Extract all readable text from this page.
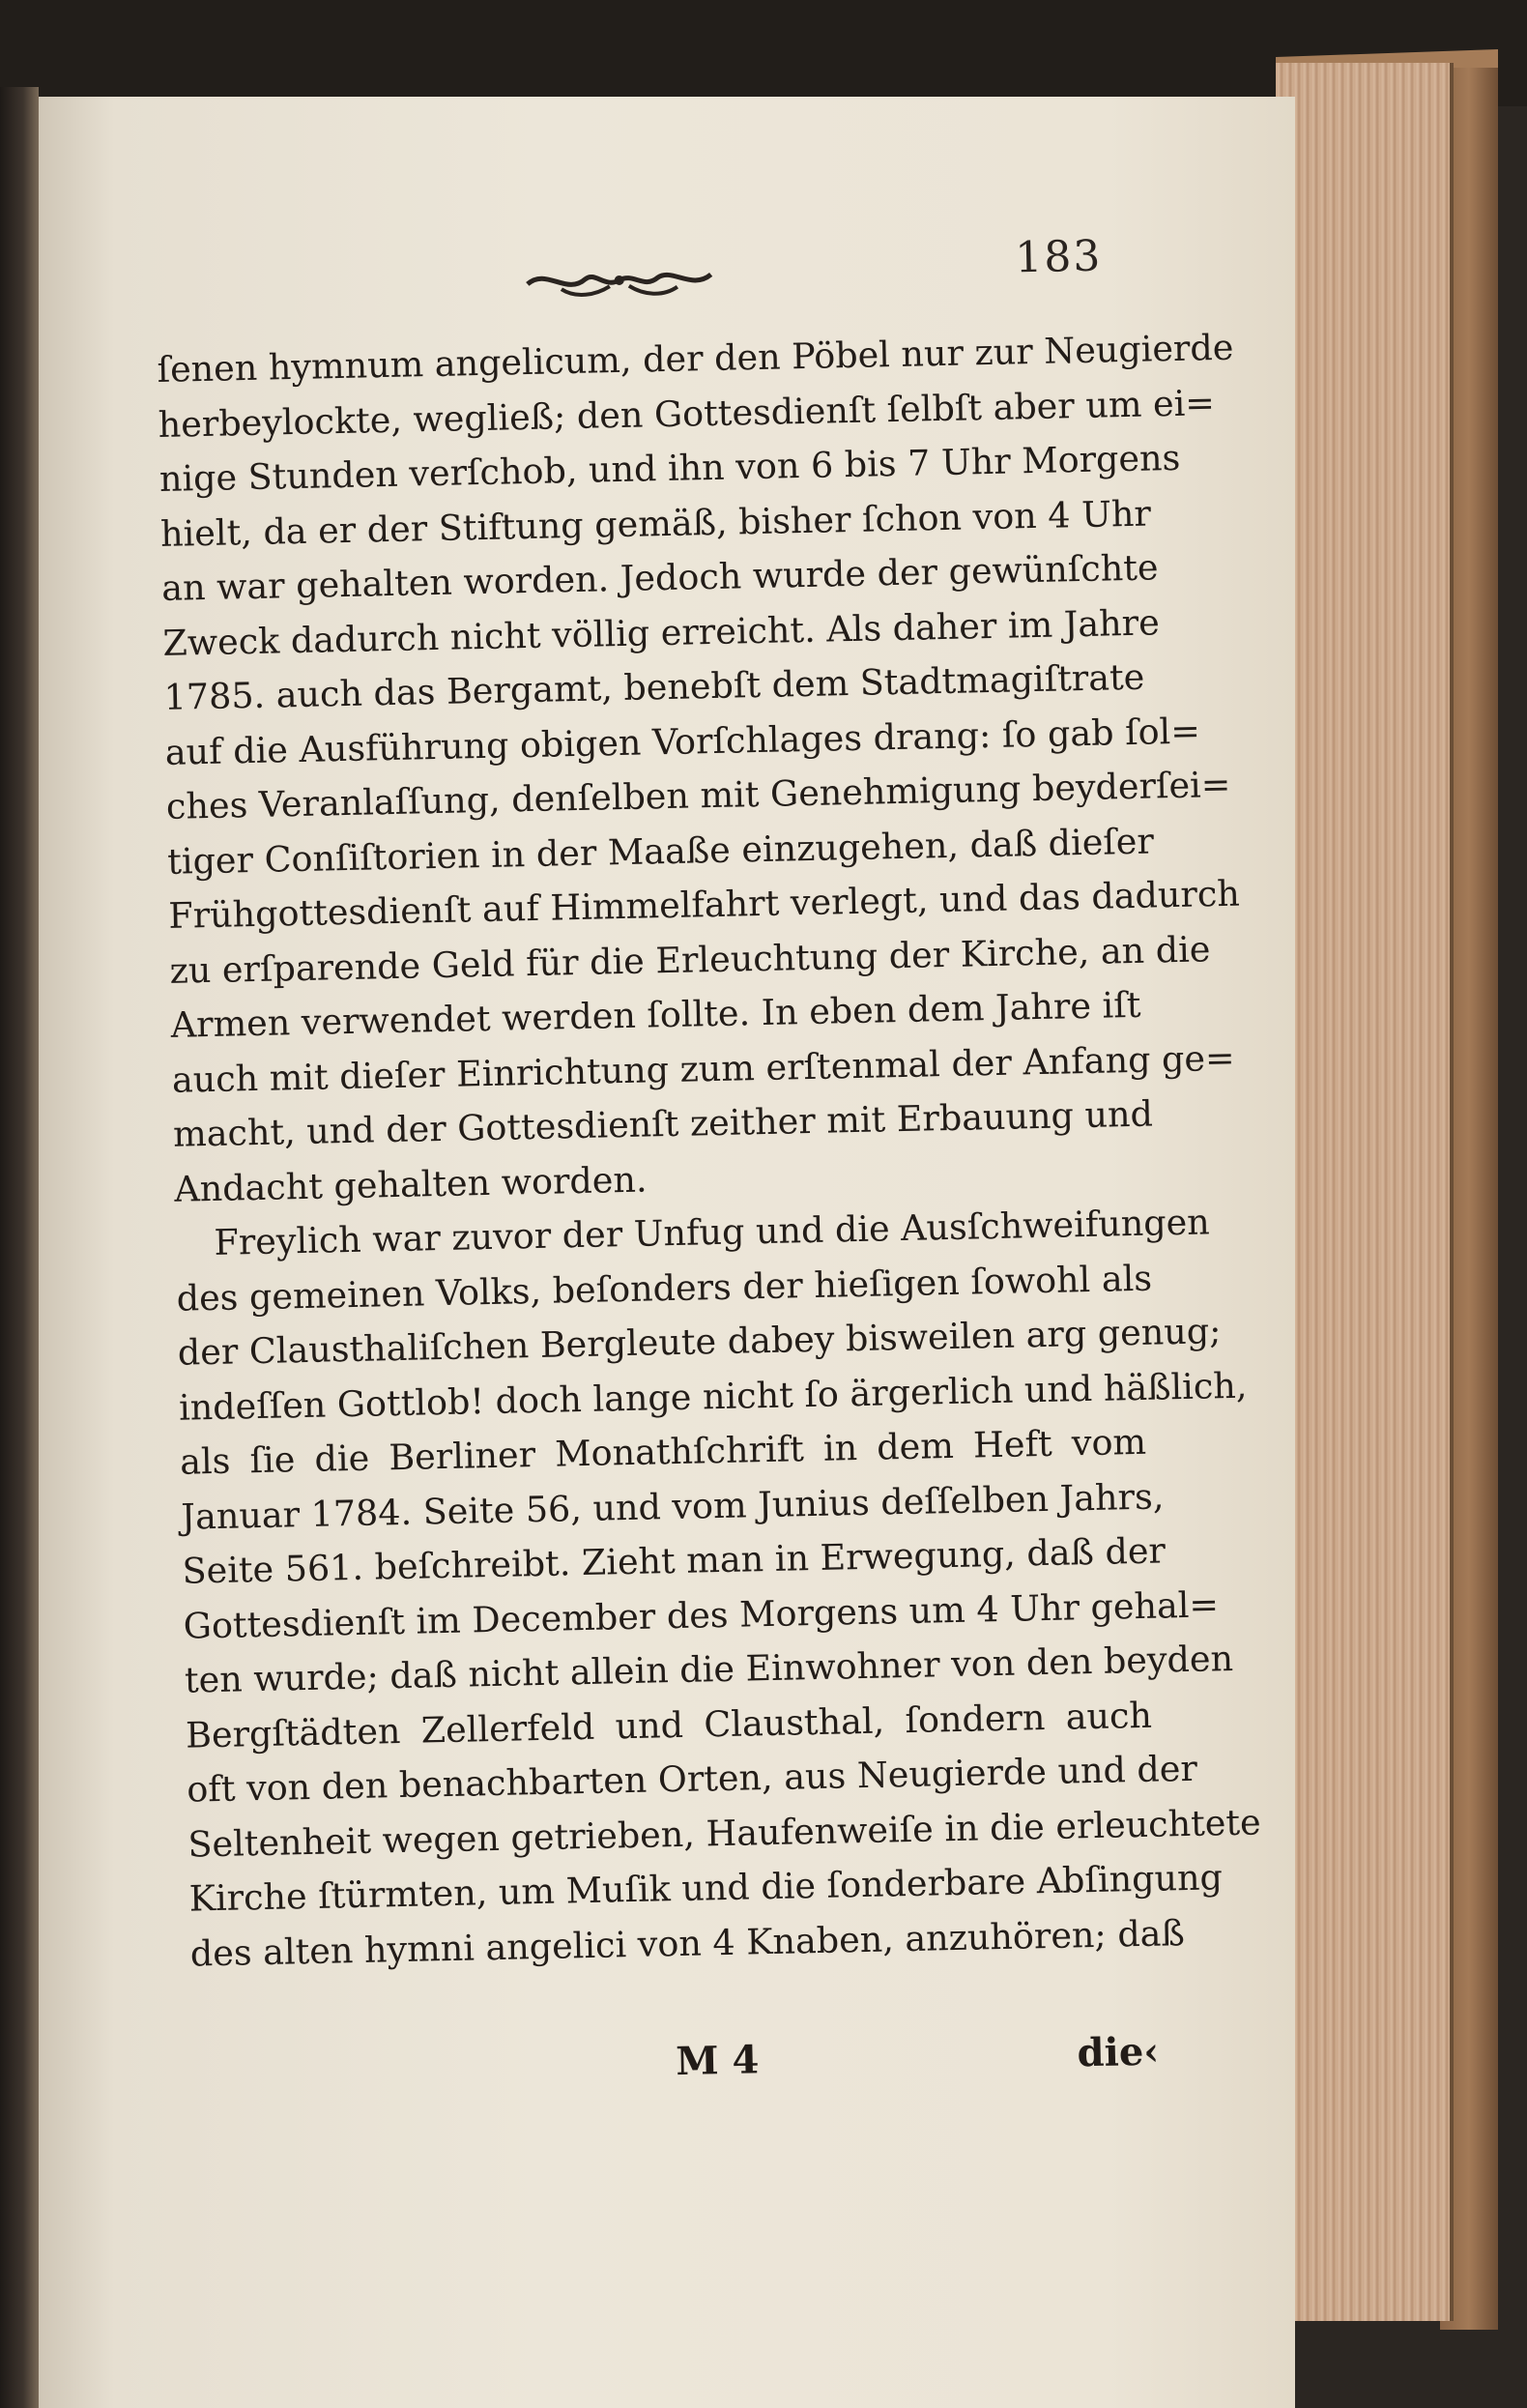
183
ſenen hymnum angelicum, der den Pöbel nur zur Neugierde
herbeylockte, wegließ; den Gottesdienſt ſelbſt aber um ei=
nige Stunden verſchob, und ihn von 6 bis 7 Uhr Morgens
hielt, da er der Stiftung gemäß, bisher ſchon von 4 Uhr
an war gehalten worden. Jedoch wurde der gewünſchte
Zweck dadurch nicht völlig erreicht. Als daher im Jahre
1785. auch das Bergamt, benebſt dem Stadtmagiſtrate
auf die Ausführung obigen Vorſchlages drang: ſo gab ſol=
ches Veranlaſſung, denſelben mit Genehmigung beyderſei=
tiger Conſiſtorien in der Maaße einzugehen, daß dieſer
Frühgottesdienſt auf Himmelfahrt verlegt, und das dadurch
zu erſparende Geld für die Erleuchtung der Kirche, an die
Armen verwendet werden ſollte. In eben dem Jahre iſt
auch mit dieſer Einrichtung zum erſtenmal der Anfang ge=
macht, und der Gottesdienſt zeither mit Erbauung und
Andacht gehalten worden.
Freylich war zuvor der Unfug und die Ausſchweifungen
des gemeinen Volks, beſonders der hieſigen ſowohl als
der Clausthaliſchen Bergleute dabey bisweilen arg genug;
indeſſen Gottlob! doch lange nicht ſo ärgerlich und häßlich,
als ſie die Berliner Monathſchrift in dem Heft vom
Januar 1784. Seite 56, und vom Junius deſſelben Jahrs,
Seite 561. beſchreibt. Zieht man in Erwegung, daß der
Gottesdienſt im December des Morgens um 4 Uhr gehal=
ten wurde; daß nicht allein die Einwohner von den beyden
Bergſtädten Zellerfeld und Clausthal, ſondern auch
oft von den benachbarten Orten, aus Neugierde und der
Seltenheit wegen getrieben, Haufenweiſe in die erleuchtete
Kirche ſtürmten, um Muſik und die ſonderbare Abſingung
des alten hymni angelici von 4 Knaben, anzuhören; daß
M 4	die‹
